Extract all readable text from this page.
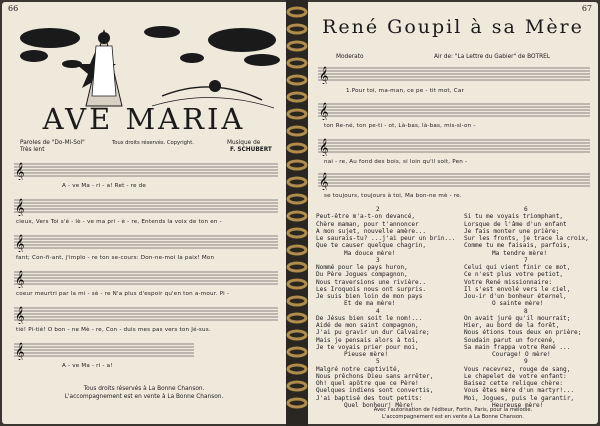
66
AVE MARIA
Paroles de "Do-Mi-Sol"	Tous droits réservés. Copyright.	Musique de
Très lent	F. SCHUBERT
𝄞
A - ve Ma - ri - a! Ret - re de
𝄞
cieux, Vers Toi s'é - lè - ve ma pri - è - re, Entends la voix de ton en -
𝄞
fant; Con-fi-ant, j'implo - re ton se-cours: Don-ne-moi la paix! Mon
𝄞
coeur meurtri par la mi - sè - re N'a plus d'espoir qu'en ton a-mour. Pi -
𝄞
tié! Pi-tié! O bon - ne Mè - re, Con - duis mes pas vers ton Jé-sus.
𝄞
A - ve Ma - ri - a!
Tous droits réservés à La Bonne Chanson.
L'accompagnement est en vente à La Bonne Chanson.
67
René Goupil à sa Mère
Moderato	Air de: "La Lettre du Gabier" de BOTREL
𝄞
1.Pour toi, ma-man, ce pe - tit mot, Car
𝄞
ton Re-né, ton pe-ti - ot, Là-bas, là-bas, mis-si-on -
𝄞
nai - re, Au fond des bois, si loin qu'il soit, Pen -
𝄞
se toujours, toujours à toi, Ma bon-ne mè - re.
2
Peut-être m'a-t-on devancé,
Chère maman, pour t'annoncer
A mon sujet, nouvelle amère...
Le saurais-tu? ...j'ai peur un brin...
Que te causer quelque chagrin,
Ma douce mère!
3
Nommé pour le pays huron,
Du Père Jogues compagnon,
Nous traversions une rivière..
Les Iroquois nous ont surpris.
Je suis bien loin de mon pays
Et de ma mère!
4
De Jésus bien soit le nom!...
Aidé de mon saint compagnon,
J'ai pu gravir un dur Calvaire;
Mais je pensais alors à toi,
Je te voyais prier pour moi,
Pieuse mère!
5
Malgré notre captivité,
Nous prêchons Dieu sans arrêter,
Oh! quel apôtre que ce Père!
Quelques indiens sont convertis,
J'ai baptisé des tout petits:
Quel bonheur! Mère!
6
Si tu me voyais triomphant,
Lorsque de l'âme d'un enfant
Je fais monter une prière;
Sur les fronts, je trace la croix,
Comme tu me faisais, parfois,
Ma tendre mère!
7
Celui qui vient finir ce mot,
Ce n'est plus votre petiot,
Votre René missionnaire:
Il s'est envolé vers le ciel,
Jou-ir d'un bonheur éternel,
O sainte mère!
8
On avait juré qu'il mourrait;
Hier, au bord de la forêt,
Nous étions tous deux en prière;
Soudain parut un forcené,
Sa main frappa votre René ...
Courage! O mère!
9
Vous recevrez, rouge de sang,
Le chapelet de votre enfant:
Baisez cette relique chère:
Vous êtes mère d'un martyr!...
Moi, Jogues, puis le garantir,
Heureuse mère!
Avec l'autorisation de l'éditeur, Fortin, Paris, pour la mélodie.
L'accompagnement est en vente à La Bonne Chanson.
